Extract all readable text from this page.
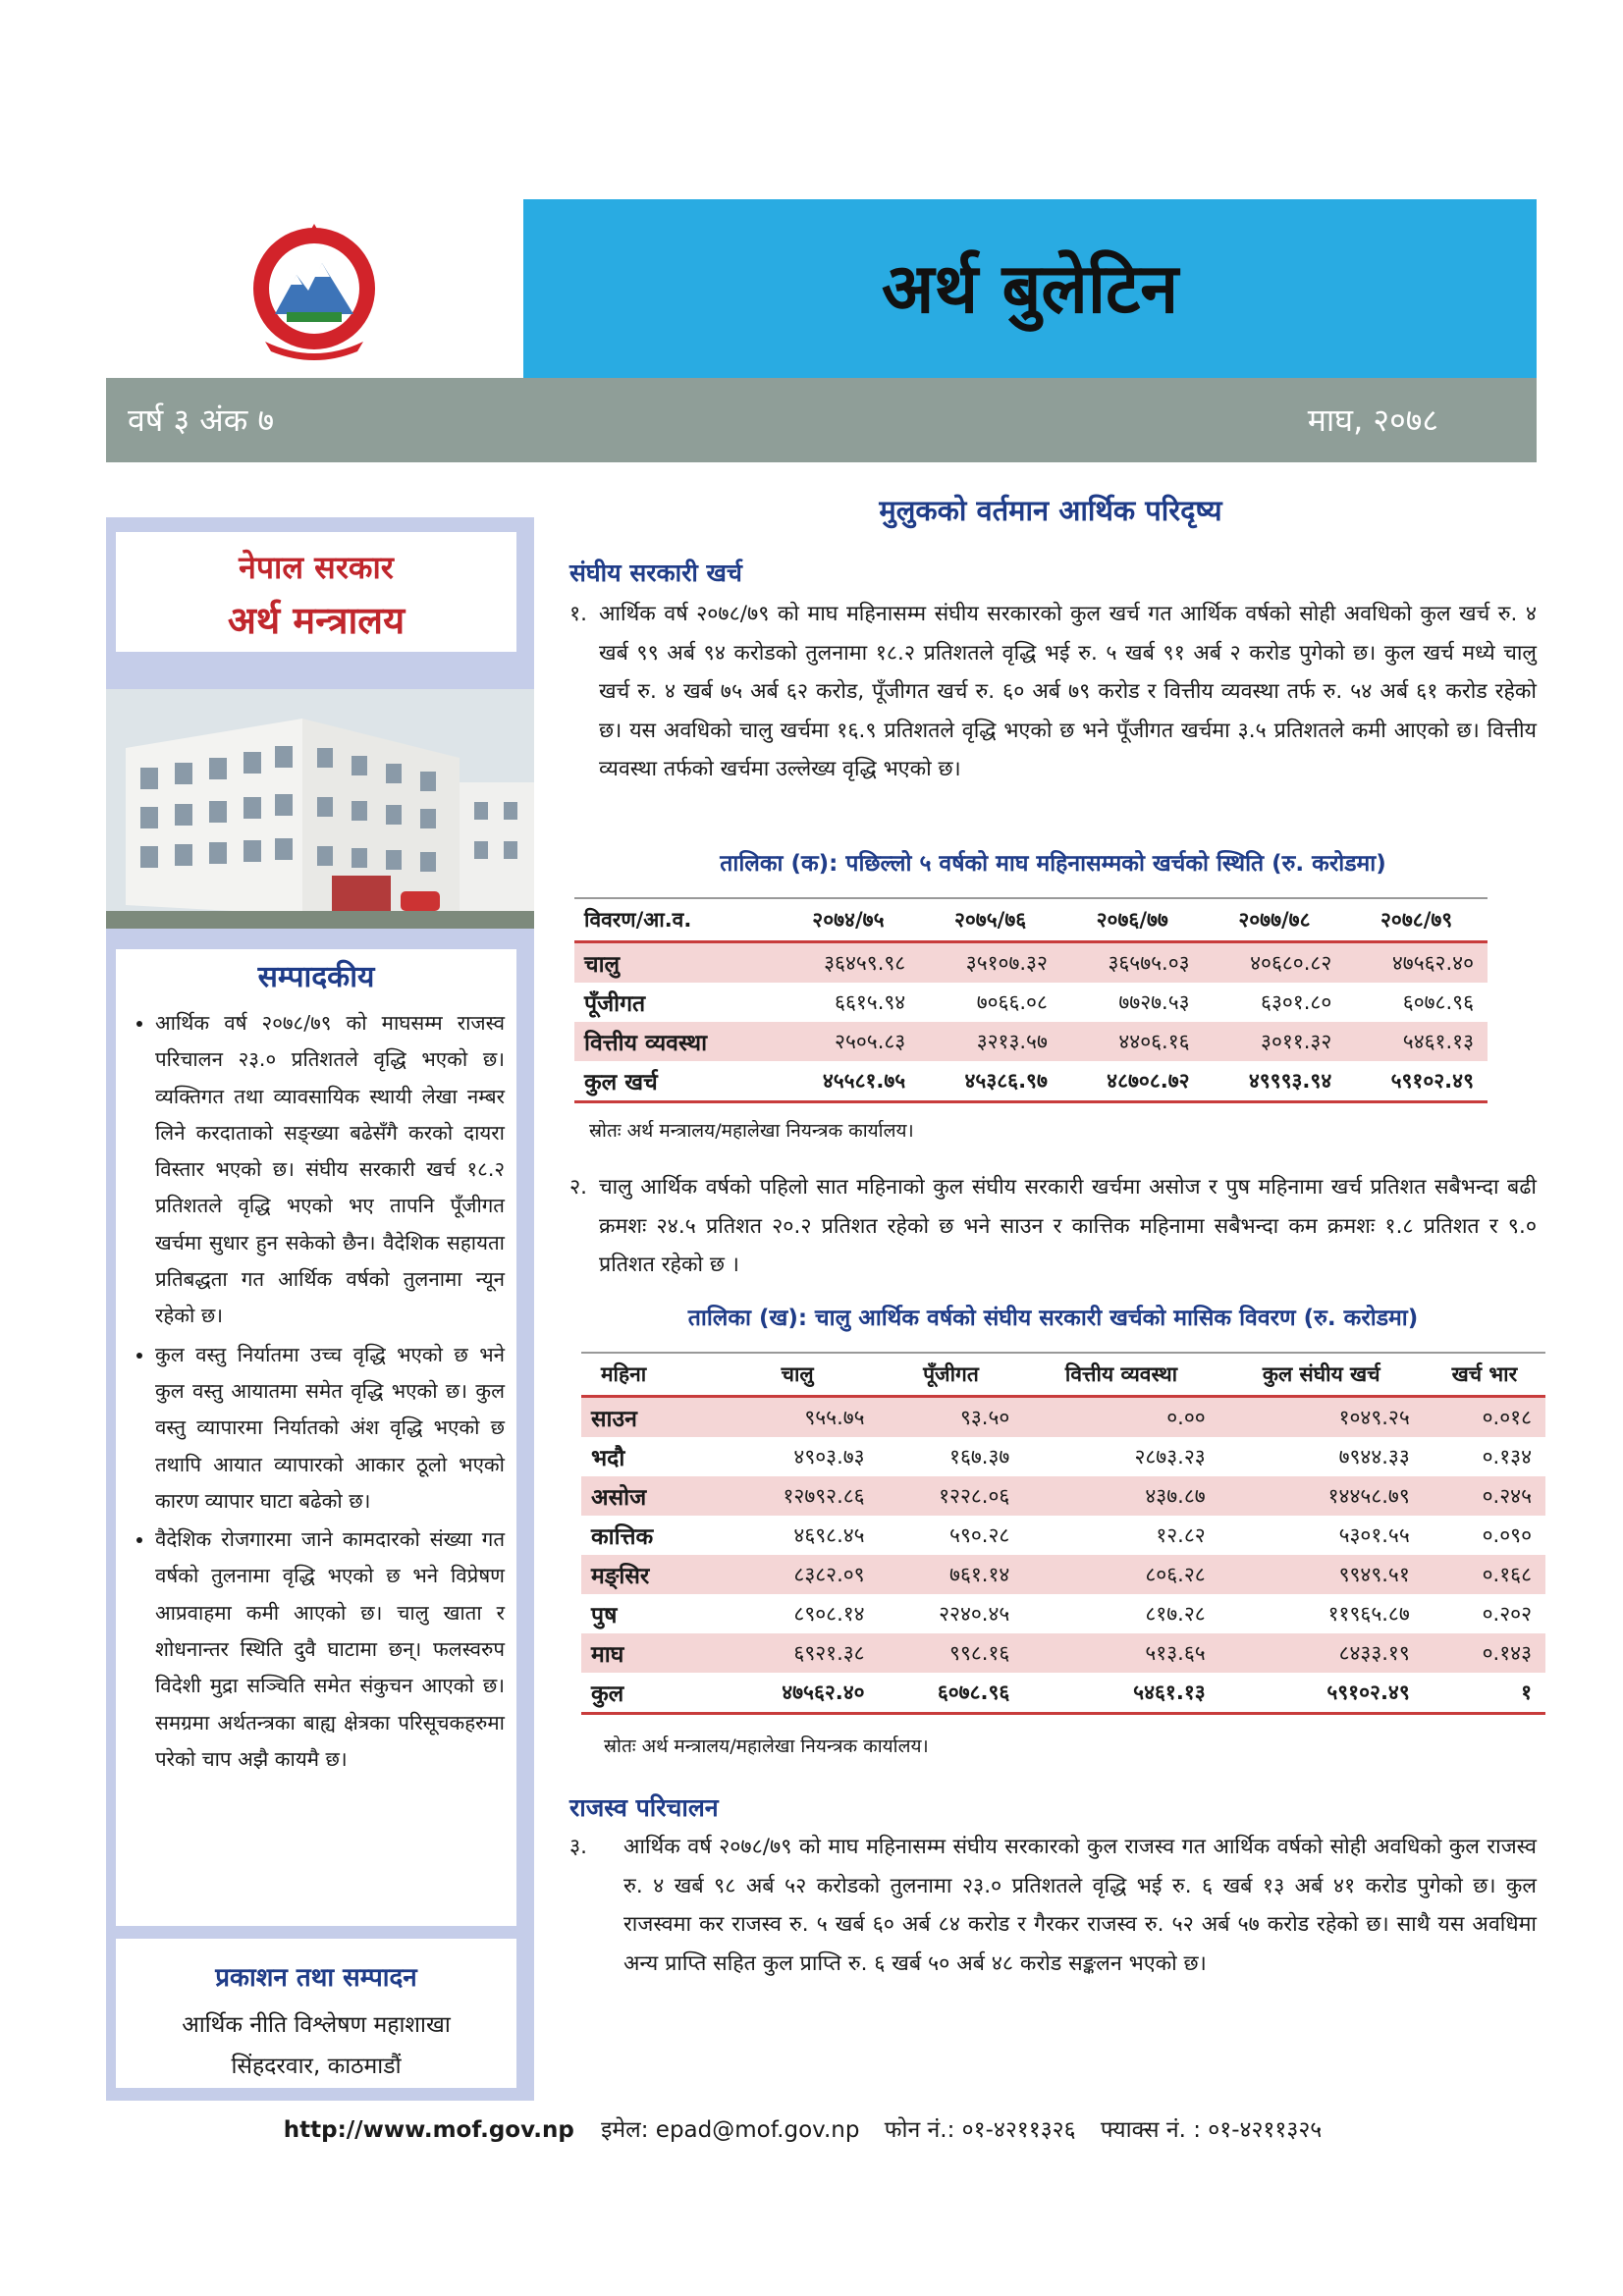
अर्थ बुलेटिन
वर्ष ३ अंक ७	माघ, २०७८
नेपाल सरकार
अर्थ मन्त्रालय
सम्पादकीय
• आर्थिक वर्ष २०७८/७९ को माघसम्म राजस्व परिचालन २३.० प्रतिशतले वृद्धि भएको छ। व्यक्तिगत तथा व्यावसायिक स्थायी लेखा नम्बर लिने करदाताको सङ्ख्या बढेसँगै करको दायरा विस्तार भएको छ। संघीय सरकारी खर्च १८.२ प्रतिशतले वृद्धि भएको भए तापनि पूँजीगत खर्चमा सुधार हुन सकेको छैन। वैदेशिक सहायता प्रतिबद्धता गत आर्थिक वर्षको तुलनामा न्यून रहेको छ।
• कुल वस्तु निर्यातमा उच्च वृद्धि भएको छ भने कुल वस्तु आयातमा समेत वृद्धि भएको छ। कुल वस्तु व्यापारमा निर्यातको अंश वृद्धि भएको छ तथापि आयात व्यापारको आकार ठूलो भएको कारण व्यापार घाटा बढेको छ।
• वैदेशिक रोजगारमा जाने कामदारको संख्या गत वर्षको तुलनामा वृद्धि भएको छ भने विप्रेषण आप्रवाहमा कमी आएको छ। चालु खाता र शोधनान्तर स्थिति दुवै घाटामा छन्। फलस्वरुप विदेशी मुद्रा सञ्चिति समेत संकुचन आएको छ। समग्रमा अर्थतन्त्रका बाह्य क्षेत्रका परिसूचकहरुमा परेको चाप अझै कायमै छ।
प्रकाशन तथा सम्पादन
आर्थिक नीति विश्लेषण महाशाखा
सिंहदरवार, काठमाडौं
मुलुकको वर्तमान आर्थिक परिदृष्य
संघीय सरकारी खर्च
१. आर्थिक वर्ष २०७८/७९ को माघ महिनासम्म संघीय सरकारको कुल खर्च गत आर्थिक वर्षको सोही अवधिको कुल खर्च रु. ४ खर्ब ९९ अर्ब ९४ करोडको तुलनामा १८.२ प्रतिशतले वृद्धि भई रु. ५ खर्ब ९१ अर्ब २ करोड पुगेको छ। कुल खर्च मध्ये चालु खर्च रु. ४ खर्ब ७५ अर्ब ६२ करोड, पूँजीगत खर्च रु. ६० अर्ब ७९ करोड र वित्तीय व्यवस्था तर्फ रु. ५४ अर्ब ६१ करोड रहेको छ। यस अवधिको चालु खर्चमा १६.९ प्रतिशतले वृद्धि भएको छ भने पूँजीगत खर्चमा ३.५ प्रतिशतले कमी आएको छ। वित्तीय व्यवस्था तर्फको खर्चमा उल्लेख्य वृद्धि भएको छ।
तालिका (क): पछिल्लो ५ वर्षको माघ महिनासम्मको खर्चको स्थिति (रु. करोडमा)
विवरण/आ.व.	२०७४/७५	२०७५/७६	२०७६/७७	२०७७/७८	२०७८/७९
चालु	३६४५९.९८	३५१०७.३२	३६५७५.०३	४०६८०.८२	४७५६२.४०
पूँजीगत	६६१५.९४	७०६६.०८	७७२७.५३	६३०१.८०	६०७८.९६
वित्तीय व्यवस्था	२५०५.८३	३२१३.५७	४४०६.१६	३०११.३२	५४६१.१३
कुल खर्च	४५५८१.७५	४५३८६.९७	४८७०८.७२	४९९९३.९४	५९१०२.४९
स्रोतः अर्थ मन्त्रालय/महालेखा नियन्त्रक कार्यालय।
२. चालु आर्थिक वर्षको पहिलो सात महिनाको कुल संघीय सरकारी खर्चमा असोज र पुष महिनामा खर्च प्रतिशत सबैभन्दा बढी क्रमशः २४.५ प्रतिशत २०.२ प्रतिशत रहेको छ भने साउन र कात्तिक महिनामा सबैभन्दा कम क्रमशः १.८ प्रतिशत र ९.० प्रतिशत रहेको छ ।
तालिका (ख): चालु आर्थिक वर्षको संघीय सरकारी खर्चको मासिक विवरण (रु. करोडमा)
महिना	चालु	पूँजीगत	वित्तीय व्यवस्था	कुल संघीय खर्च	खर्च भार
साउन	९५५.७५	९३.५०	०.००	१०४९.२५	०.०१८
भदौ	४९०३.७३	१६७.३७	२८७३.२३	७९४४.३३	०.१३४
असोज	१२७९२.८६	१२२८.०६	४३७.८७	१४४५८.७९	०.२४५
कात्तिक	४६९८.४५	५९०.२८	१२.८२	५३०१.५५	०.०९०
मङ्सिर	८३८२.०९	७६१.१४	८०६.२८	९९४९.५१	०.१६८
पुष	८९०८.१४	२२४०.४५	८१७.२८	११९६५.८७	०.२०२
माघ	६९२१.३८	९९८.१६	५१३.६५	८४३३.१९	०.१४३
कुल	४७५६२.४०	६०७८.९६	५४६१.१३	५९१०२.४९	१
स्रोतः अर्थ मन्त्रालय/महालेखा नियन्त्रक कार्यालय।
राजस्व परिचालन
३. आर्थिक वर्ष २०७८/७९ को माघ महिनासम्म संघीय सरकारको कुल राजस्व गत आर्थिक वर्षको सोही अवधिको कुल राजस्व रु. ४ खर्ब ९८ अर्ब ५२ करोडको तुलनामा २३.० प्रतिशतले वृद्धि भई रु. ६ खर्ब १३ अर्ब ४१ करोड पुगेको छ। कुल राजस्वमा कर राजस्व रु. ५ खर्ब ६० अर्ब ८४ करोड र गैरकर राजस्व रु. ५२ अर्ब ५७ करोड रहेको छ। साथै यस अवधिमा अन्य प्राप्ति सहित कुल प्राप्ति रु. ६ खर्ब ५० अर्ब ४८ करोड सङ्कलन भएको छ।
http://www.mof.gov.np इमेल: epad@mof.gov.np फोन नं.: ०१-४२११३२६ फ्याक्स नं. : ०१-४२११३२५
